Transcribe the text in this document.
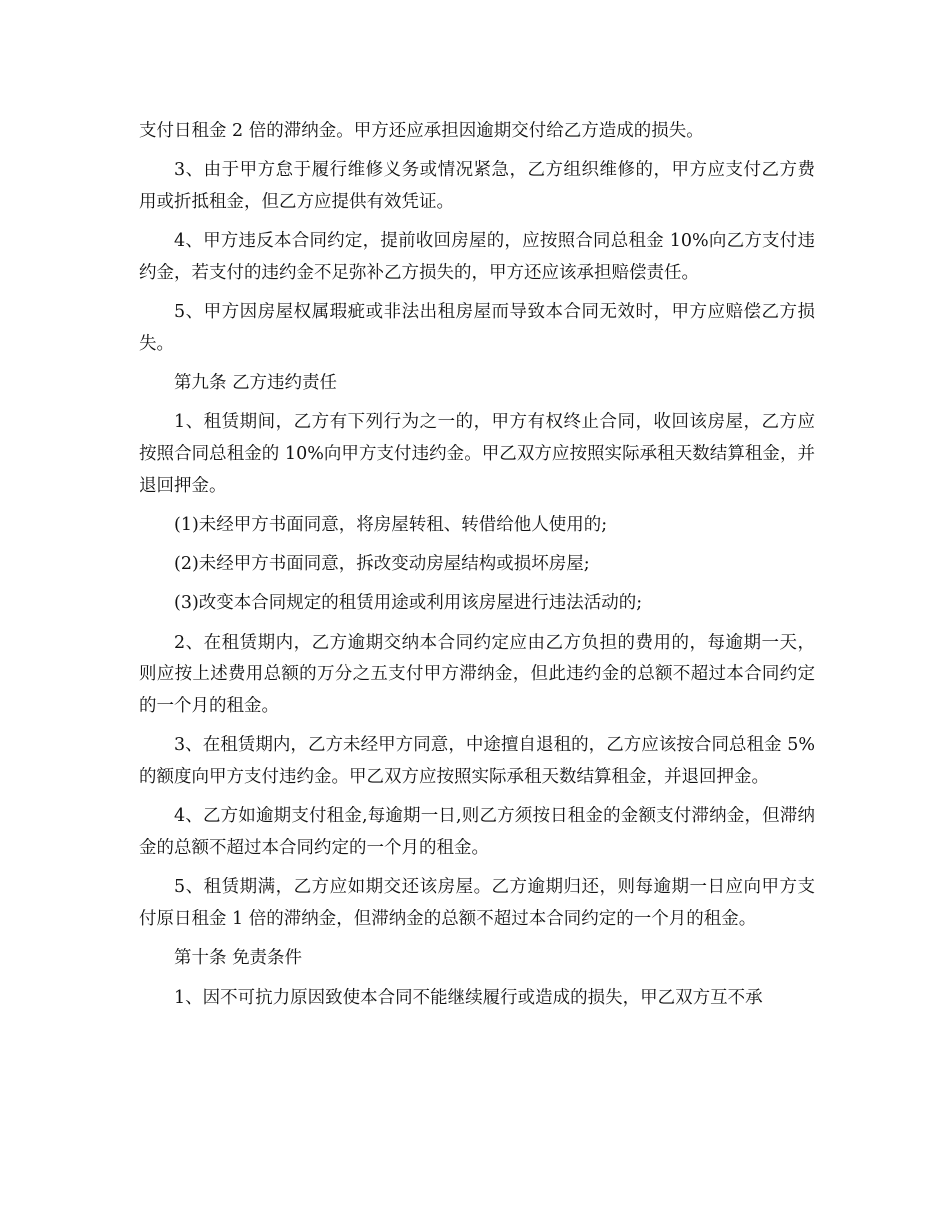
支付日租金 2 倍的滞纳金。甲方还应承担因逾期交付给乙方造成的损失。

3、由于甲方怠于履行维修义务或情况紧急，乙方组织维修的，甲方应支付乙方费用或折抵租金，但乙方应提供有效凭证。

4、甲方违反本合同约定，提前收回房屋的，应按照合同总租金 10%向乙方支付违约金，若支付的违约金不足弥补乙方损失的，甲方还应该承担赔偿责任。

5、甲方因房屋权属瑕疵或非法出租房屋而导致本合同无效时，甲方应赔偿乙方损失。

第九条 乙方违约责任

1、租赁期间，乙方有下列行为之一的，甲方有权终止合同，收回该房屋，乙方应按照合同总租金的 10%向甲方支付违约金。甲乙双方应按照实际承租天数结算租金，并退回押金。

(1)未经甲方书面同意，将房屋转租、转借给他人使用的;

(2)未经甲方书面同意，拆改变动房屋结构或损坏房屋;

(3)改变本合同规定的租赁用途或利用该房屋进行违法活动的;

2、在租赁期内，乙方逾期交纳本合同约定应由乙方负担的费用的，每逾期一天，则应按上述费用总额的万分之五支付甲方滞纳金，但此违约金的总额不超过本合同约定的一个月的租金。

3、在租赁期内，乙方未经甲方同意，中途擅自退租的，乙方应该按合同总租金 5%的额度向甲方支付违约金。甲乙双方应按照实际承租天数结算租金，并退回押金。

4、乙方如逾期支付租金,每逾期一日,则乙方须按日租金的金额支付滞纳金，但滞纳金的总额不超过本合同约定的一个月的租金。

5、租赁期满，乙方应如期交还该房屋。乙方逾期归还，则每逾期一日应向甲方支付原日租金 1 倍的滞纳金，但滞纳金的总额不超过本合同约定的一个月的租金。

第十条 免责条件

1、因不可抗力原因致使本合同不能继续履行或造成的损失，甲乙双方互不承
